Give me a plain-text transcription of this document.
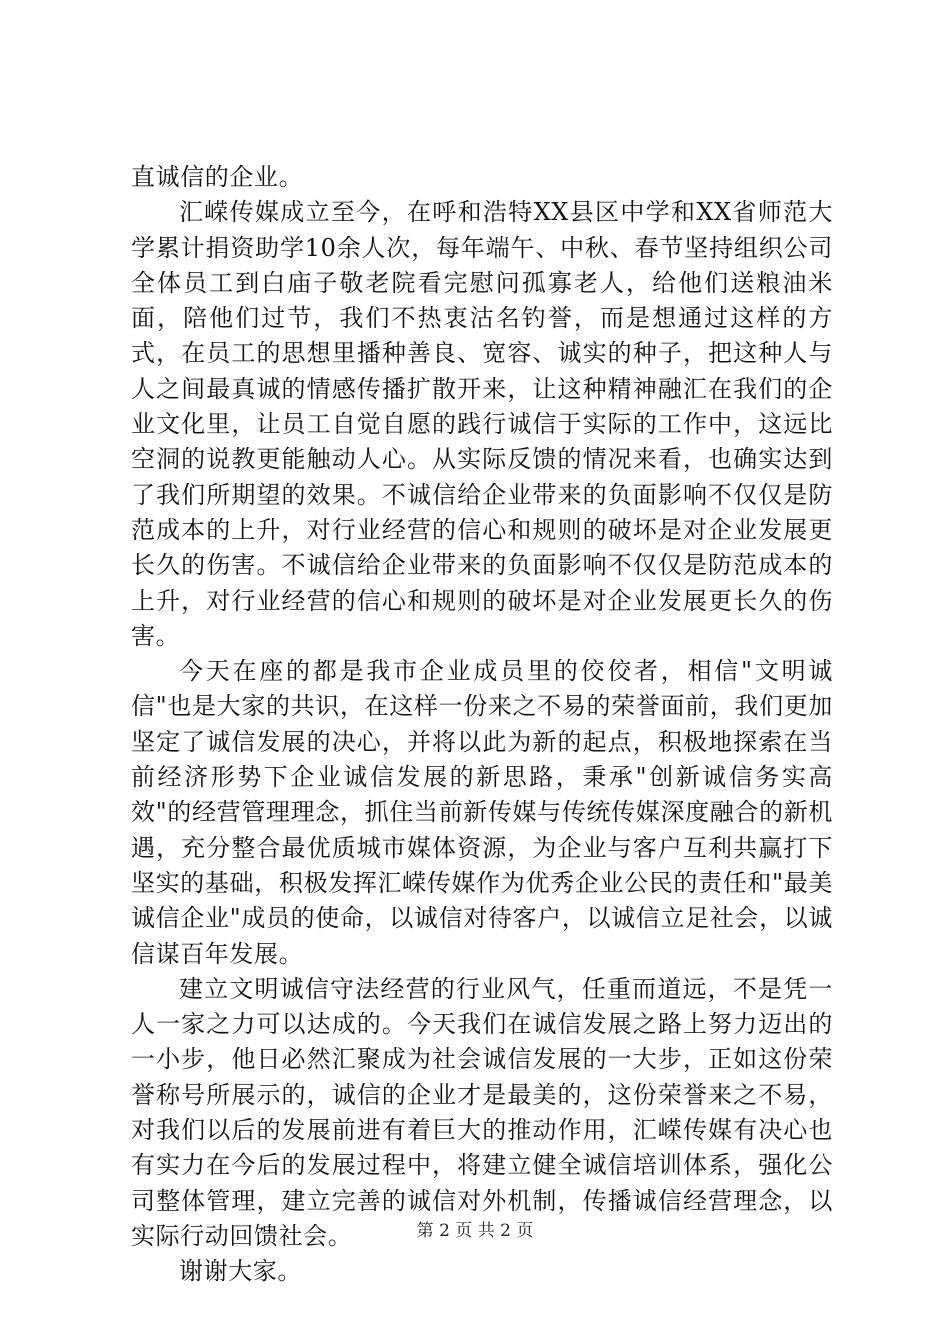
直诚信的企业。

汇嵘传媒成立至今，在呼和浩特XX县区中学和XX省师范大学累计捐资助学10余人次，每年端午、中秋、春节坚持组织公司全体员工到白庙子敬老院看完慰问孤寡老人，给他们送粮油米面，陪他们过节，我们不热衷沽名钓誉，而是想通过这样的方式，在员工的思想里播种善良、宽容、诚实的种子，把这种人与人之间最真诚的情感传播扩散开来，让这种精神融汇在我们的企业文化里，让员工自觉自愿的践行诚信于实际的工作中，这远比空洞的说教更能触动人心。从实际反馈的情况来看，也确实达到了我们所期望的效果。不诚信给企业带来的负面影响不仅仅是防范成本的上升，对行业经营的信心和规则的破坏是对企业发展更长久的伤害。不诚信给企业带来的负面影响不仅仅是防范成本的上升，对行业经营的信心和规则的破坏是对企业发展更长久的伤害。

今天在座的都是我市企业成员里的佼佼者，相信"文明诚信"也是大家的共识，在这样一份来之不易的荣誉面前，我们更加坚定了诚信发展的决心，并将以此为新的起点，积极地探索在当前经济形势下企业诚信发展的新思路，秉承"创新诚信务实高效"的经营管理理念，抓住当前新传媒与传统传媒深度融合的新机遇，充分整合最优质城市媒体资源，为企业与客户互利共赢打下坚实的基础，积极发挥汇嵘传媒作为优秀企业公民的责任和"最美诚信企业"成员的使命，以诚信对待客户，以诚信立足社会，以诚信谋百年发展。

建立文明诚信守法经营的行业风气，任重而道远，不是凭一人一家之力可以达成的。今天我们在诚信发展之路上努力迈出的一小步，他日必然汇聚成为社会诚信发展的一大步，正如这份荣誉称号所展示的，诚信的企业才是最美的，这份荣誉来之不易，对我们以后的发展前进有着巨大的推动作用，汇嵘传媒有决心也有实力在今后的发展过程中，将建立健全诚信培训体系，强化公司整体管理，建立完善的诚信对外机制，传播诚信经营理念，以实际行动回馈社会。

谢谢大家。

第 2 页 共 2 页
